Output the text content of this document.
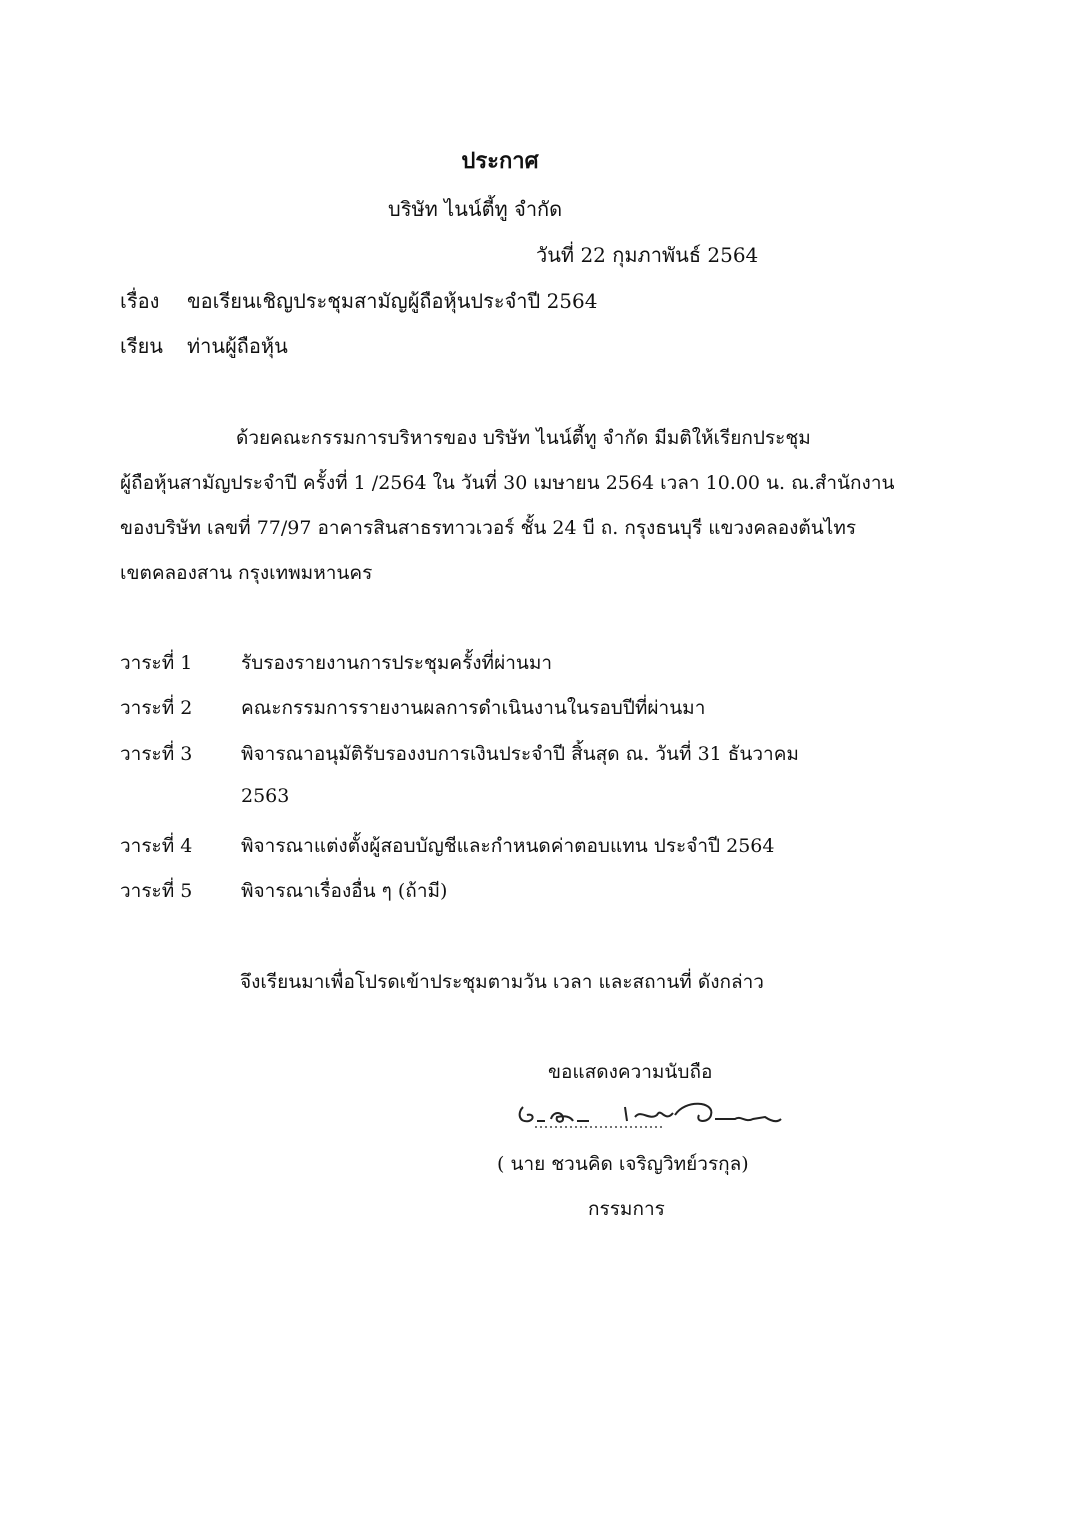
ประกาศ
บริษัท ไนน์ตี้ทู จำกัด
วันที่ 22 กุมภาพันธ์ 2564
เรื่อง ขอเรียนเชิญประชุมสามัญผู้ถือหุ้นประจำปี 2564
เรียน ท่านผู้ถือหุ้น
ด้วยคณะกรรมการบริหารของ บริษัท ไนน์ตี้ทู จำกัด มีมติให้เรียกประชุม
ผู้ถือหุ้นสามัญประจำปี ครั้งที่ 1 /2564 ใน วันที่ 30 เมษายน 2564 เวลา 10.00 น. ณ.สำนักงาน
ของบริษัท เลขที่ 77/97 อาคารสินสาธรทาวเวอร์ ชั้น 24 บี ถ. กรุงธนบุรี แขวงคลองต้นไทร
เขตคลองสาน กรุงเทพมหานคร
วาระที่ 1	รับรองรายงานการประชุมครั้งที่ผ่านมา
วาระที่ 2	คณะกรรมการรายงานผลการดำเนินงานในรอบปีที่ผ่านมา
วาระที่ 3	พิจารณาอนุมัติรับรองงบการเงินประจำปี สิ้นสุด ณ. วันที่ 31 ธันวาคม
2563
วาระที่ 4	พิจารณาแต่งตั้งผู้สอบบัญชีและกำหนดค่าตอบแทน ประจำปี 2564
วาระที่ 5	พิจารณาเรื่องอื่น ๆ (ถ้ามี)
จึงเรียนมาเพื่อโปรดเข้าประชุมตามวัน เวลา และสถานที่ ดังกล่าว
ขอแสดงความนับถือ
( นาย ชวนคิด เจริญวิทย์วรกุล)
กรรมการ
